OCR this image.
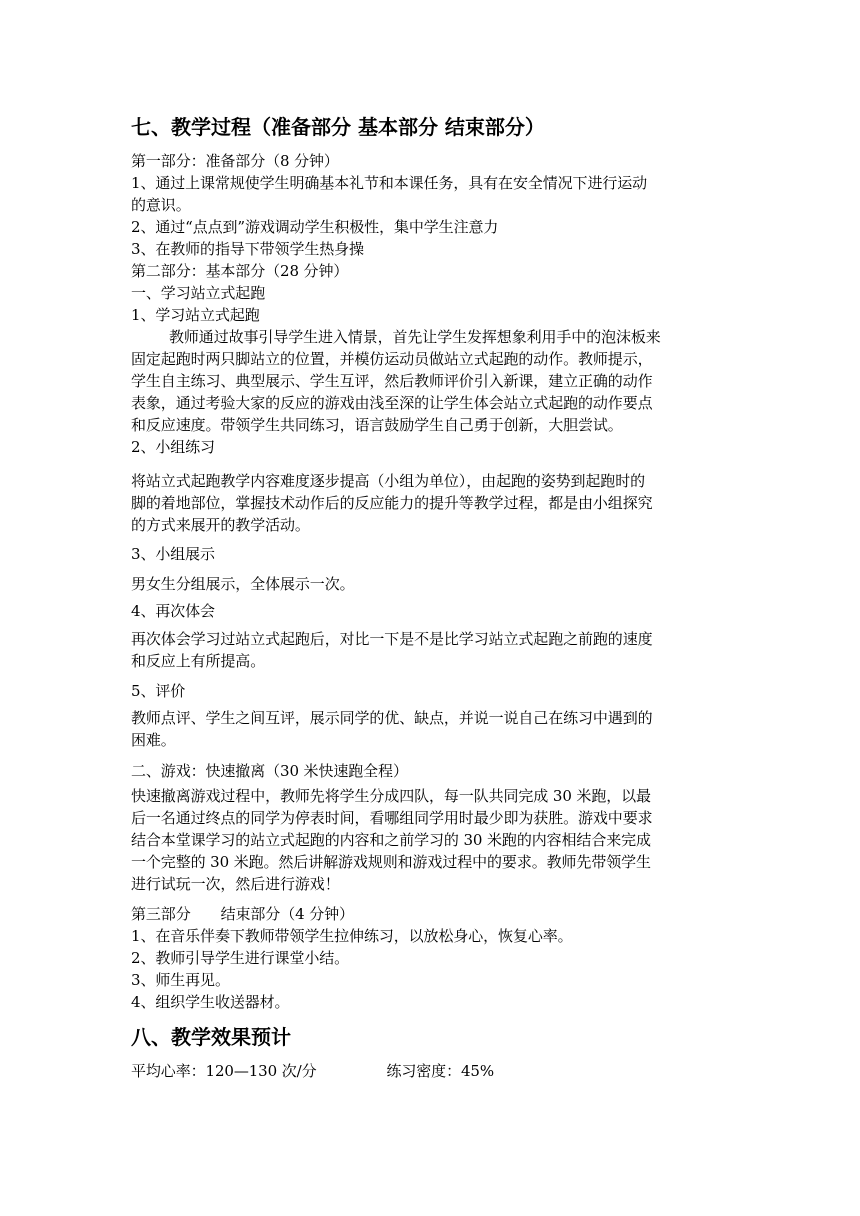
七、教学过程（准备部分 基本部分 结束部分）
第一部分：准备部分（8 分钟）
1、通过上课常规使学生明确基本礼节和本课任务，具有在安全情况下进行运动
的意识。
2、通过“点点到”游戏调动学生积极性，集中学生注意力
3、在教师的指导下带领学生热身操
第二部分：基本部分（28 分钟）
一、学习站立式起跑
1、学习站立式起跑
教师通过故事引导学生进入情景，首先让学生发挥想象利用手中的泡沫板来
固定起跑时两只脚站立的位置，并模仿运动员做站立式起跑的动作。教师提示，
学生自主练习、典型展示、学生互评，然后教师评价引入新课，建立正确的动作
表象，通过考验大家的反应的游戏由浅至深的让学生体会站立式起跑的动作要点
和反应速度。带领学生共同练习，语言鼓励学生自己勇于创新，大胆尝试。
2、小组练习
将站立式起跑教学内容难度逐步提高（小组为单位），由起跑的姿势到起跑时的
脚的着地部位，掌握技术动作后的反应能力的提升等教学过程，都是由小组探究
的方式来展开的教学活动。
3、小组展示
男女生分组展示，全体展示一次。
4、再次体会
再次体会学习过站立式起跑后，对比一下是不是比学习站立式起跑之前跑的速度
和反应上有所提高。
5、评价
教师点评、学生之间互评，展示同学的优、缺点，并说一说自己在练习中遇到的
困难。
二、游戏：快速撤离（30 米快速跑全程）
快速撤离游戏过程中，教师先将学生分成四队，每一队共同完成 30 米跑，以最
后一名通过终点的同学为停表时间，看哪组同学用时最少即为获胜。游戏中要求
结合本堂课学习的站立式起跑的内容和之前学习的 30 米跑的内容相结合来完成
一个完整的 30 米跑。然后讲解游戏规则和游戏过程中的要求。教师先带领学生
进行试玩一次，然后进行游戏！
第三部分 结束部分（4 分钟）
1、在音乐伴奏下教师带领学生拉伸练习，以放松身心，恢复心率。
2、教师引导学生进行课堂小结。
3、师生再见。
4、组织学生收送器材。
八、教学效果预计
平均心率：120—130 次/分	练习密度：45%
